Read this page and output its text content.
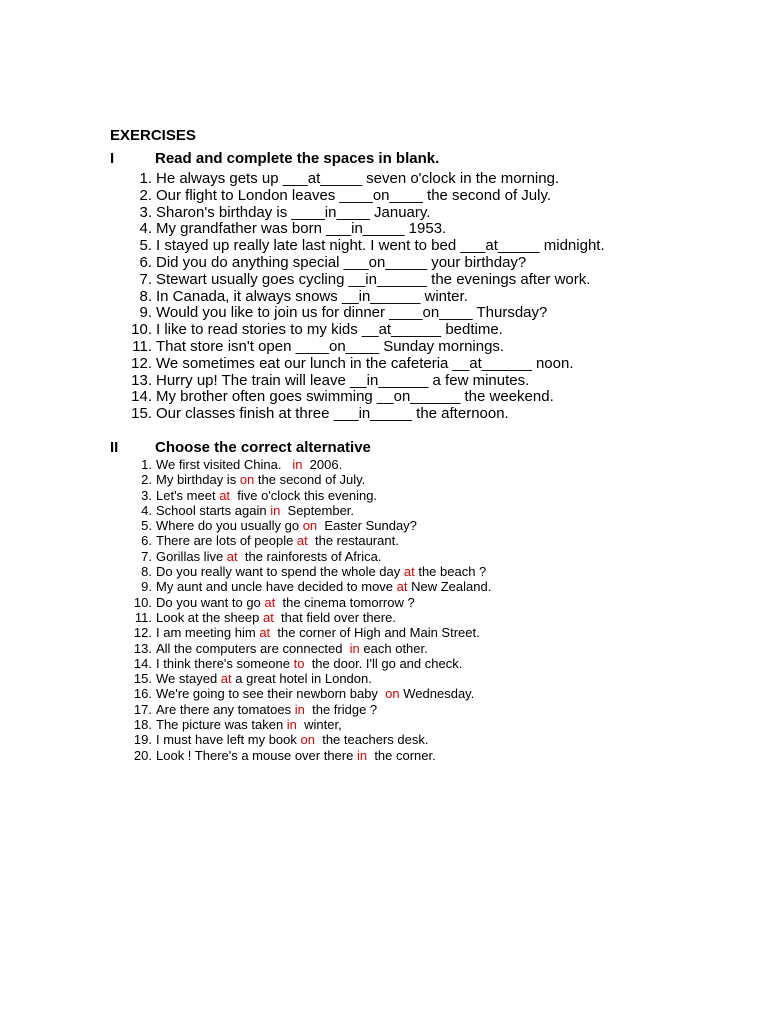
EXERCISES
I	Read and complete the spaces in blank.
1. He always gets up ___at_____ seven o'clock in the morning.
2. Our flight to London leaves ____on____ the second of July.
3. Sharon's birthday is ____in____ January.
4. My grandfather was born ___in_____ 1953.
5. I stayed up really late last night. I went to bed ___at_____ midnight.
6. Did you do anything special ___on_____ your birthday?
7. Stewart usually goes cycling __in______ the evenings after work.
8. In Canada, it always snows __in______ winter.
9. Would you like to join us for dinner ____on____ Thursday?
10. I like to read stories to my kids __at______ bedtime.
11. That store isn't open ____on____ Sunday mornings.
12. We sometimes eat our lunch in the cafeteria __at______ noon.
13. Hurry up! The train will leave __in______ a few minutes.
14. My brother often goes swimming __on______ the weekend.
15. Our classes finish at three ___in_____ the afternoon.
II Choose the correct alternative
1. We first visited China.   in  2006.
2. My birthday is on the second of July.
3. Let's meet at  five o'clock this evening.
4. School starts again in  September.
5. Where do you usually go on  Easter Sunday?
6. There are lots of people at  the restaurant.
7. Gorillas live at  the rainforests of Africa.
8. Do you really want to spend the whole day at the beach ?
9. My aunt and uncle have decided to move at New Zealand.
10. Do you want to go at  the cinema tomorrow ?
11. Look at the sheep at  that field over there.
12. I am meeting him at  the corner of High and Main Street.
13. All the computers are connected  in each other.
14. I think there's someone to  the door. I'll go and check.
15. We stayed at a great hotel in London.
16. We're going to see their newborn baby  on Wednesday.
17. Are there any tomatoes in  the fridge ?
18. The picture was taken in  winter,
19. I must have left my book on  the teachers desk.
20. Look ! There's a mouse over there in  the corner.
